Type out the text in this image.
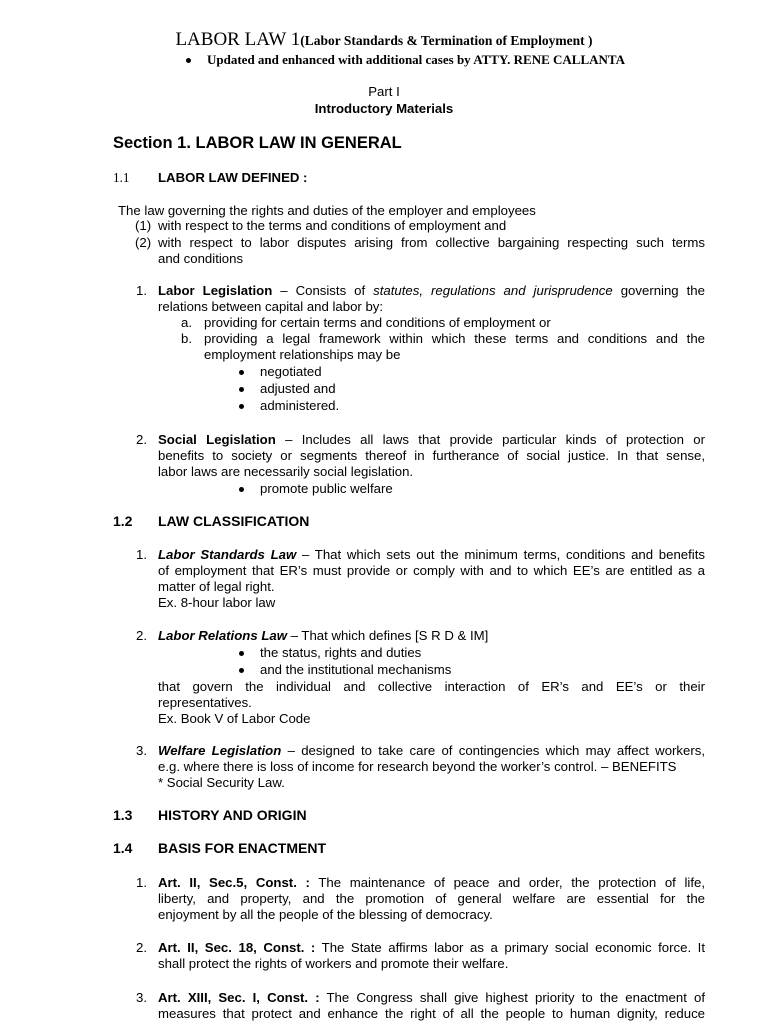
LABOR LAW 1(Labor Standards & Termination of Employment )
Updated and enhanced with additional cases by ATTY. RENE CALLANTA
Part I
Introductory Materials
Section 1. LABOR LAW IN GENERAL
1.1 LABOR LAW DEFINED :
The law governing the rights and duties of the employer and employees
(1) with respect to the terms and conditions of employment and
(2) with respect to labor disputes arising from collective bargaining respecting such terms
and conditions
1. Labor Legislation – Consists of statutes, regulations and jurisprudence governing the
relations between capital and labor by:
a. providing for certain terms and conditions of employment or
b. providing a legal framework within which these terms and conditions and the
employment relationships may be
negotiated
adjusted and
administered.
2. Social Legislation – Includes all laws that provide particular kinds of protection or
benefits to society or segments thereof in furtherance of social justice. In that sense,
labor laws are necessarily social legislation.
promote public welfare
1.2 LAW CLASSIFICATION
1. Labor Standards Law – That which sets out the minimum terms, conditions and benefits
of employment that ER’s must provide or comply with and to which EE’s are entitled as a
matter of legal right.
Ex. 8-hour labor law
2. Labor Relations Law – That which defines [S R D & IM]
the status, rights and duties
and the institutional mechanisms
that govern the individual and collective interaction of ER’s and EE’s or their
representatives.
Ex. Book V of Labor Code
3. Welfare Legislation – designed to take care of contingencies which may affect workers,
e.g. where there is loss of income for research beyond the worker’s control. – BENEFITS
* Social Security Law.
1.3 HISTORY AND ORIGIN
1.4 BASIS FOR ENACTMENT
1. Art. II, Sec.5, Const. : The maintenance of peace and order, the protection of life,
liberty, and property, and the promotion of general welfare are essential for the
enjoyment by all the people of the blessing of democracy.
2. Art. II, Sec. 18, Const. : The State affirms labor as a primary social economic force. It
shall protect the rights of workers and promote their welfare.
3. Art. XIII, Sec. I, Const. : The Congress shall give highest priority to the enactment of
measures that protect and enhance the right of all the people to human dignity, reduce
